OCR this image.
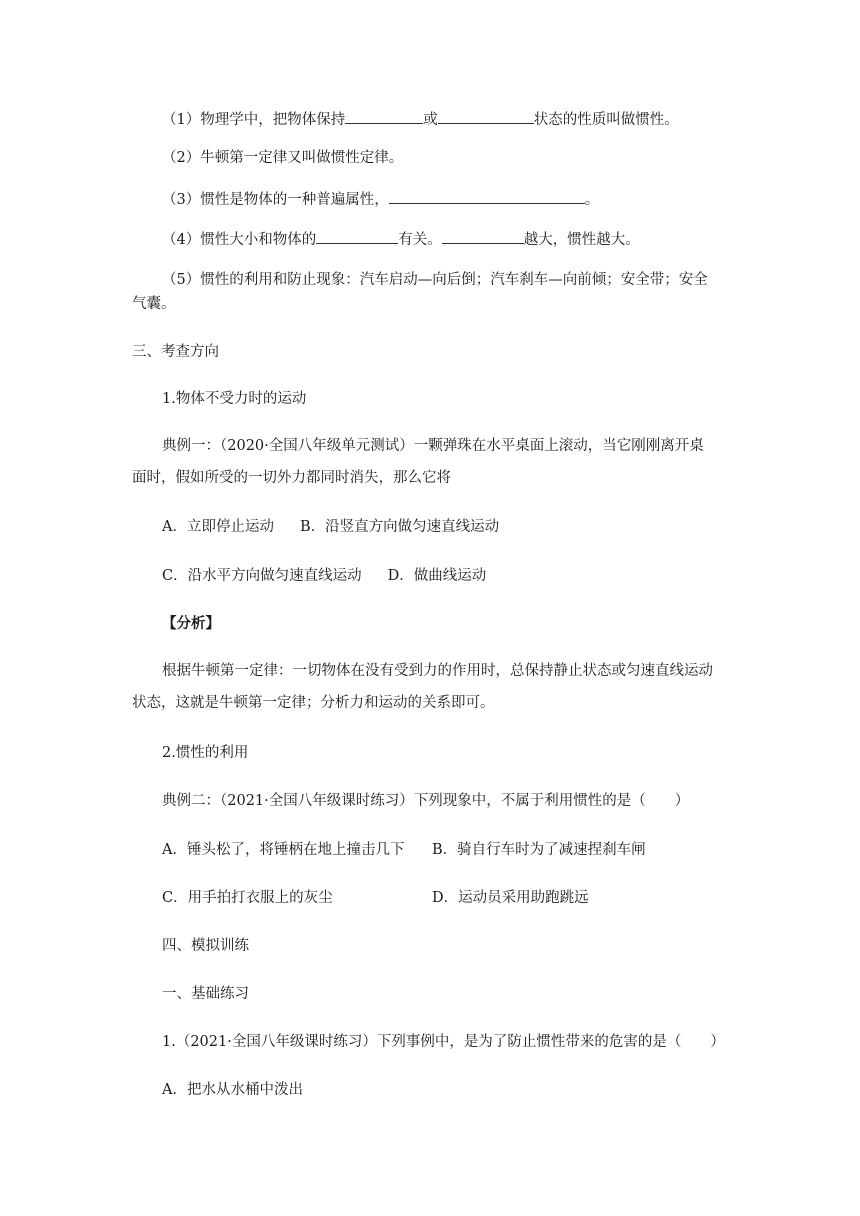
（1）物理学中，把物体保持	或	状态的性质叫做惯性。
（2）牛顿第一定律又叫做惯性定律。
（3）惯性是物体的一种普遍属性，	。
（4）惯性大小和物体的	有关。	越大，惯性越大。
（5）惯性的利用和防止现象：汽车启动—向后倒；汽车刹车—向前倾；安全带；安全
气囊。
三、考查方向
1.物体不受力时的运动
典例一：（2020·全国八年级单元测试）一颗弹珠在水平桌面上滚动，当它刚刚离开桌
面时，假如所受的一切外力都同时消失，那么它将
A．立即停止运动 B．沿竖直方向做匀速直线运动
C．沿水平方向做匀速直线运动 D．做曲线运动
【分析】
根据牛顿第一定律：一切物体在没有受到力的作用时，总保持静止状态或匀速直线运动
状态，这就是牛顿第一定律；分析力和运动的关系即可。
2.惯性的利用
典例二：（2021·全国八年级课时练习）下列现象中，不属于利用惯性的是（　　）
A．锤头松了，将锤柄在地上撞击几下 B．骑自行车时为了减速捏刹车闸
C．用手拍打衣服上的灰尘	D．运动员采用助跑跳远
四、模拟训练
一、基础练习
1.（2021·全国八年级课时练习）下列事例中，是为了防止惯性带来的危害的是（　　）
A．把水从水桶中泼出
